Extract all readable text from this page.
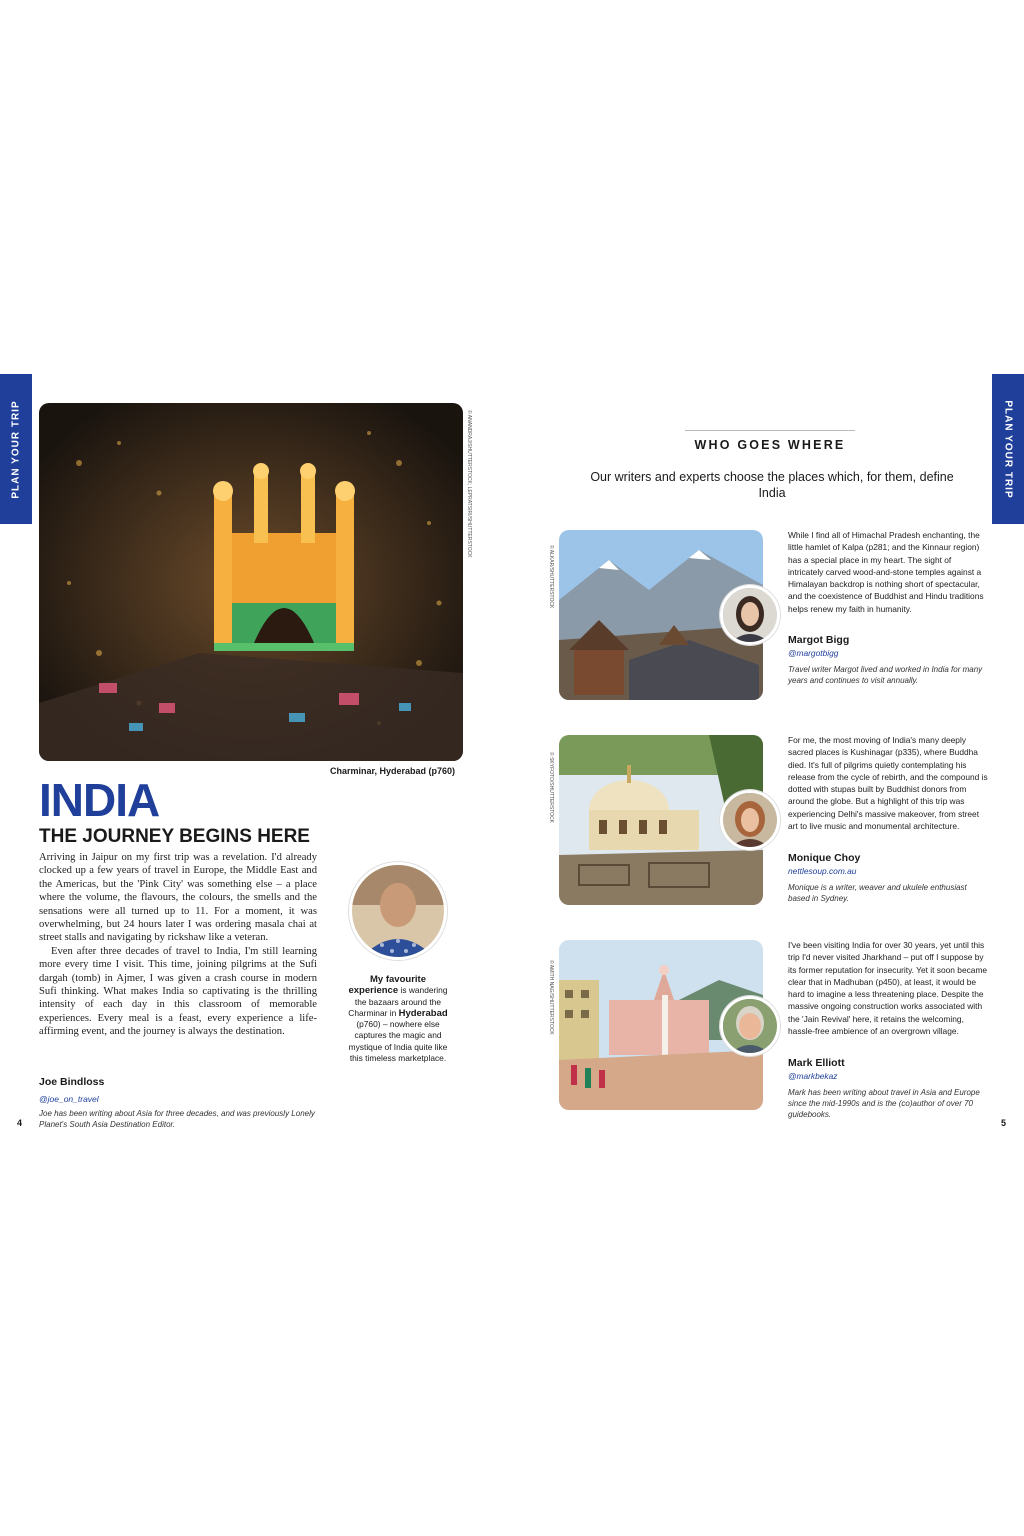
PLAN YOUR TRIP	PLAN YOUR TRIP
© ANANDRAJ/SHUTTERSTOCK; LEPRATSIRI/SHUTTERSTOCK
Charminar, Hyderabad (p760)
INDIA
THE JOURNEY BEGINS HERE

Arriving in Jaipur on my first trip was a revelation. I'd already clocked up a few years of travel in Europe, the Middle East and the Americas, but the 'Pink City' was something else – a place where the volume, the flavours, the colours, the smells and the sensations were all turned up to 11. For a moment, it was overwhelming, but 24 hours later I was ordering masala chai at street stalls and navigating by rickshaw like a veteran.

Even after three decades of travel to India, I'm still learning more every time I visit. This time, joining pilgrims at the Sufi dargah (tomb) in Ajmer, I was given a crash course in modern Sufi thinking. What makes India so captivating is the thrilling intensity of each day in this classroom of memorable experiences. Every meal is a feast, every experience a life-affirming event, and the journey is always the destination.

Joe Bindloss
@joe_on_travel
Joe has been writing about Asia for three decades, and was previously Lonely Planet's South Asia Destination Editor.
My favourite experience is wandering the bazaars around the Charminar in Hyderabad (p760) – nowhere else captures the magic and mystique of India quite like this timeless marketplace.
4
WHO GOES WHERE
Our writers and experts choose the places which, for them, define India
© ALKAR/SHUTTERSTOCK
While I find all of Himachal Pradesh enchanting, the little hamlet of Kalpa (p281; and the Kinnaur region) has a special place in my heart. The sight of intricately carved wood-and-stone temples against a Himalayan backdrop is nothing short of spectacular, and the coexistence of Buddhist and Hindu traditions helps renew my faith in humanity.
Margot Bigg
@margotbigg
Travel writer Margot lived and worked in India for many years and continues to visit annually.
© SKYFOTO/SHUTTERSTOCK
For me, the most moving of India's many deeply sacred places is Kushinagar (p335), where Buddha died. It's full of pilgrims quietly contemplating his release from the cycle of rebirth, and the compound is dotted with stupas built by Buddhist donors from around the globe. But a highlight of this trip was experiencing Delhi's massive makeover, from street art to live music and monumental architecture.
Monique Choy
nettlesoup.com.au
Monique is a writer, weaver and ukulele enthusiast based in Sydney.
© AMITH NAG/SHUTTERSTOCK
I've been visiting India for over 30 years, yet until this trip I'd never visited Jharkhand – put off I suppose by its former reputation for insecurity. Yet it soon became clear that in Madhuban (p450), at least, it would be hard to imagine a less threatening place. Despite the massive ongoing construction works associated with the 'Jain Revival' here, it retains the welcoming, hassle-free ambience of an overgrown village.
Mark Elliott
@markbekaz
Mark has been writing about travel in Asia and Europe since the mid-1990s and is the (co)author of over 70 guidebooks.
5
